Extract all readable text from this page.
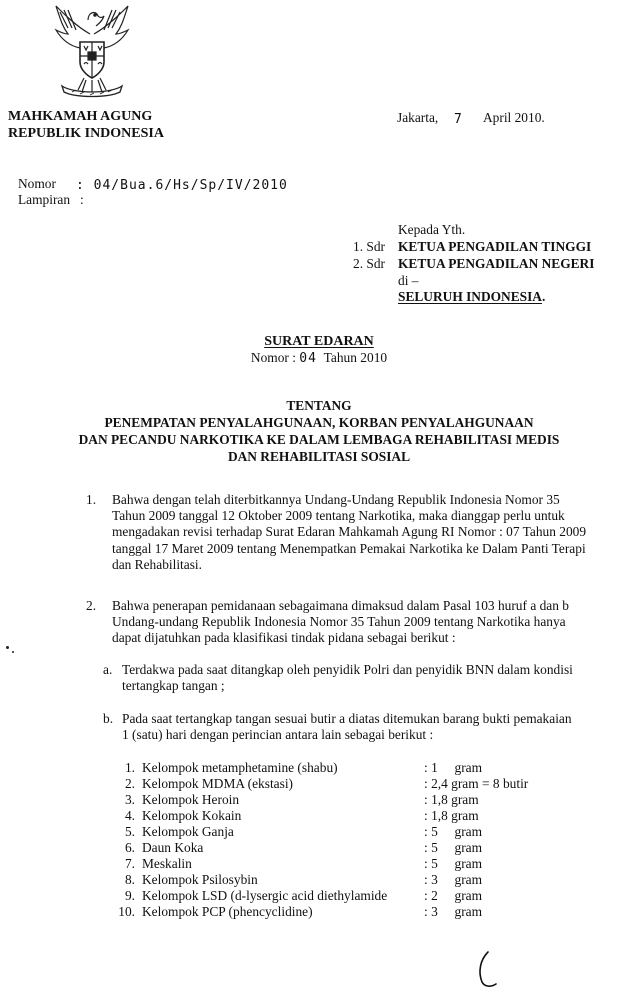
MAHKAMAH AGUNG
REPUBLIK INDONESIA
Jakarta, 7 April 2010.
Nomor : 04/Bua.6/Hs/Sp/IV/2010
Lampiran :
Kepada Yth.
1. Sdr KETUA PENGADILAN TINGGI
2. Sdr KETUA PENGADILAN NEGERI
di –
SELURUH INDONESIA.
SURAT EDARAN
Nomor : 04 Tahun 2010
TENTANG
PENEMPATAN PENYALAHGUNAAN, KORBAN PENYALAHGUNAAN
DAN PECANDU NARKOTIKA KE DALAM LEMBAGA REHABILITASI MEDIS
DAN REHABILITASI SOSIAL
1. Bahwa dengan telah diterbitkannya Undang-Undang Republik Indonesia Nomor 35
Tahun 2009 tanggal 12 Oktober 2009 tentang Narkotika, maka dianggap perlu untuk
mengadakan revisi terhadap Surat Edaran Mahkamah Agung RI Nomor : 07 Tahun 2009
tanggal 17 Maret 2009 tentang Menempatkan Pemakai Narkotika ke Dalam Panti Terapi
dan Rehabilitasi.
2. Bahwa penerapan pemidanaan sebagaimana dimaksud dalam Pasal 103 huruf a dan b
Undang-undang Republik Indonesia Nomor 35 Tahun 2009 tentang Narkotika hanya
dapat dijatuhkan pada klasifikasi tindak pidana sebagai berikut :
a. Terdakwa pada saat ditangkap oleh penyidik Polri dan penyidik BNN dalam kondisi
tertangkap tangan ;
b. Pada saat tertangkap tangan sesuai butir a diatas ditemukan barang bukti pemakaian
1 (satu) hari dengan perincian antara lain sebagai berikut :
1. Kelompok metamphetamine (shabu)	: 1     gram
2. Kelompok MDMA (ekstasi)	: 2,4 gram = 8 butir
3. Kelompok Heroin	: 1,8 gram
4. Kelompok Kokain	: 1,8 gram
5. Kelompok Ganja	: 5     gram
6. Daun Koka	: 5     gram
7. Meskalin	: 5     gram
8. Kelompok Psilosybin	: 3     gram
9. Kelompok LSD (d-lysergic acid diethylamide	: 2     gram
10. Kelompok PCP (phencyclidine)	: 3     gram
